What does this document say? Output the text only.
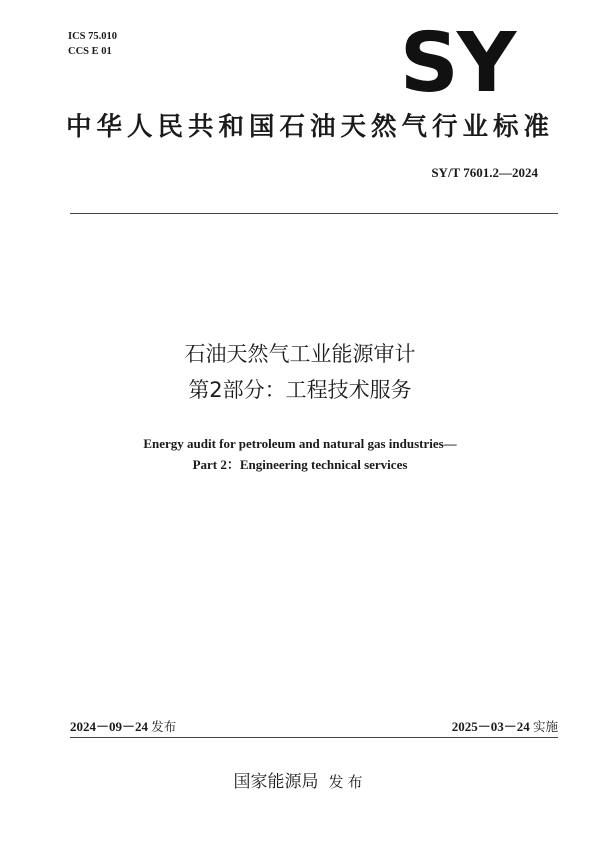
ICS 75.010
CCS E 01	SY
中华人民共和国石油天然气行业标准
SY/T 7601.2—2024
石油天然气工业能源审计
第2部分：工程技术服务
Energy audit for petroleum and natural gas industries—
Part 2：Engineering technical services
2024－09－24 发布	2025－03－24 实施
国家能源局 发布
